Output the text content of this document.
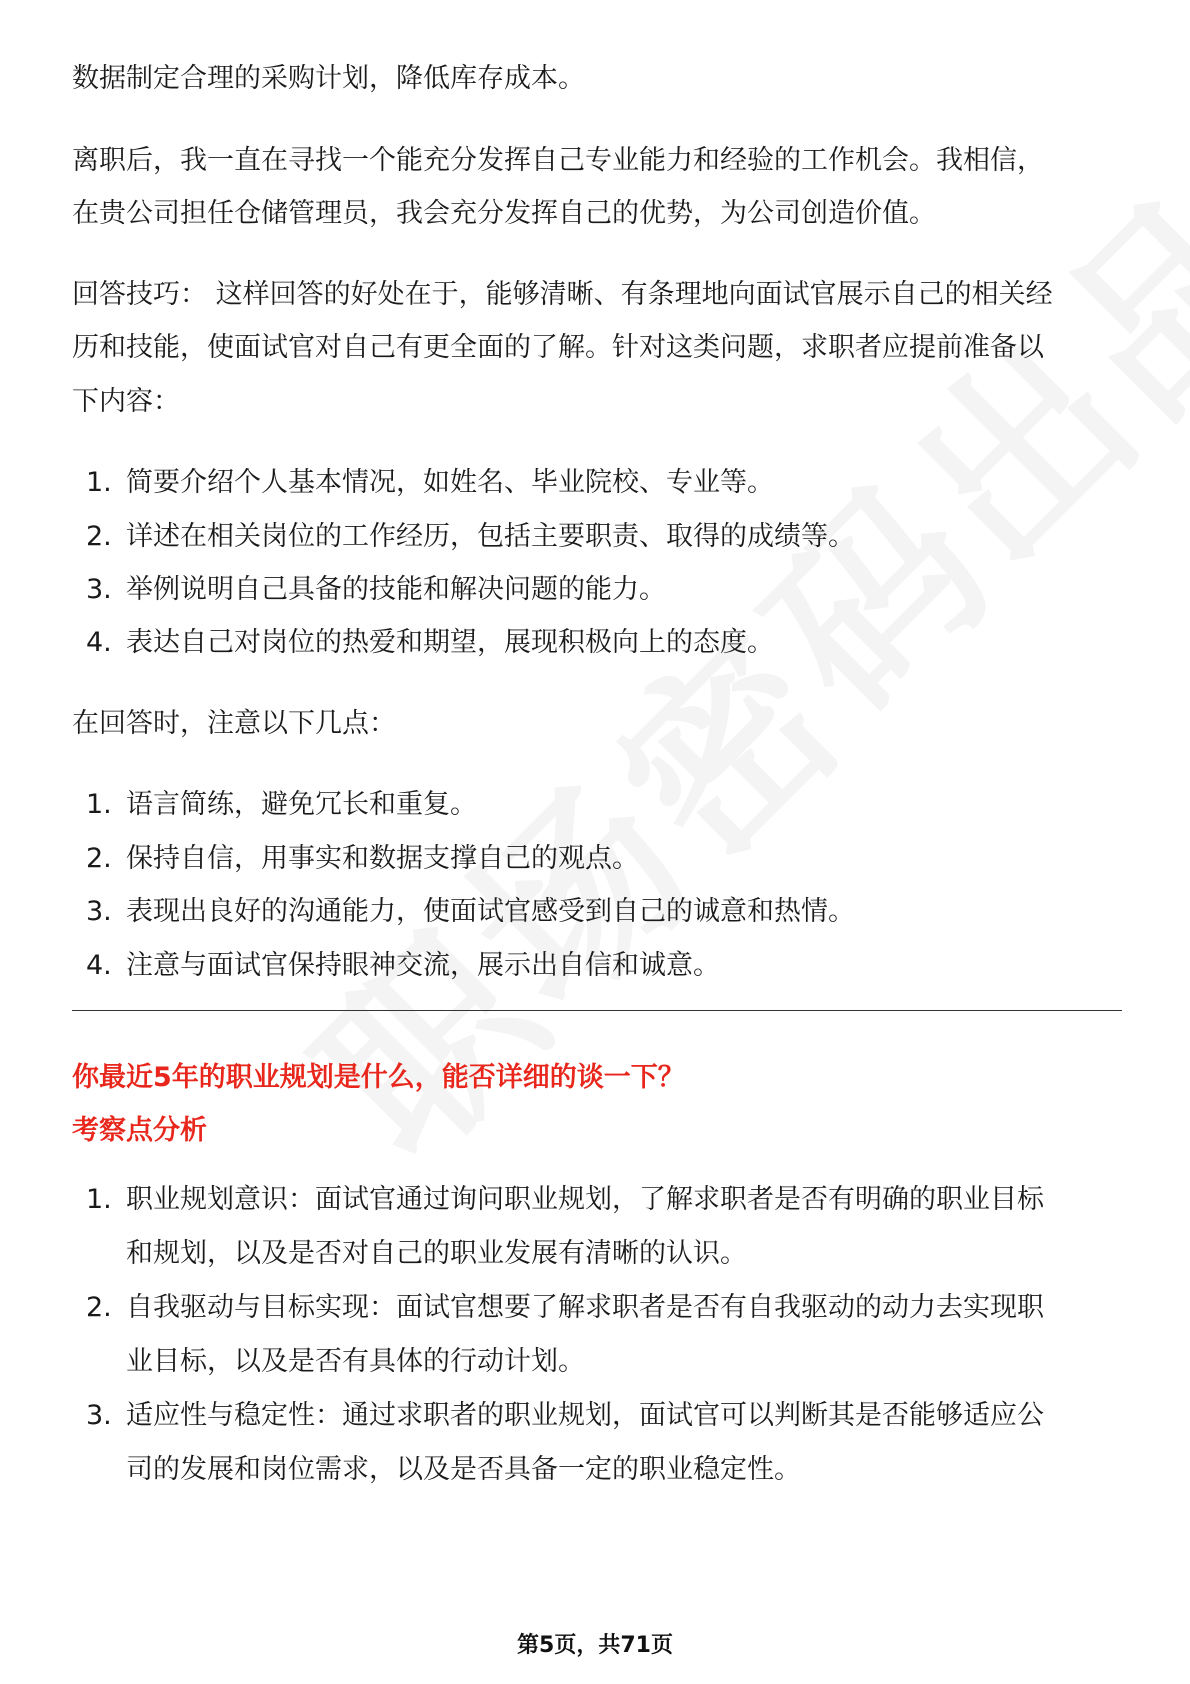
数据制定合理的采购计划，降低库存成本。

离职后，我一直在寻找一个能充分发挥自己专业能力和经验的工作机会。我相信，

在贵公司担任仓储管理员，我会充分发挥自己的优势，为公司创造价值。

回答技巧： 这样回答的好处在于，能够清晰、有条理地向面试官展示自己的相关经

历和技能，使面试官对自己有更全面的了解。针对这类问题，求职者应提前准备以

下内容：

1. 简要介绍个人基本情况，如姓名、毕业院校、专业等。
2. 详述在相关岗位的工作经历，包括主要职责、取得的成绩等。
3. 举例说明自己具备的技能和解决问题的能力。
4. 表达自己对岗位的热爱和期望，展现积极向上的态度。

在回答时，注意以下几点：

1. 语言简练，避免冗长和重复。
2. 保持自信，用事实和数据支撑自己的观点。
3. 表现出良好的沟通能力，使面试官感受到自己的诚意和热情。
4. 注意与面试官保持眼神交流，展示出自信和诚意。

你最近5年的职业规划是什么，能否详细的谈一下？

考察点分析

1. 职业规划意识：面试官通过询问职业规划，了解求职者是否有明确的职业目标
和规划，以及是否对自己的职业发展有清晰的认识。
2. 自我驱动与目标实现：面试官想要了解求职者是否有自我驱动的动力去实现职
业目标，以及是否有具体的行动计划。
3. 适应性与稳定性：通过求职者的职业规划，面试官可以判断其是否能够适应公
司的发展和岗位需求，以及是否具备一定的职业稳定性。
第5页，共71页
